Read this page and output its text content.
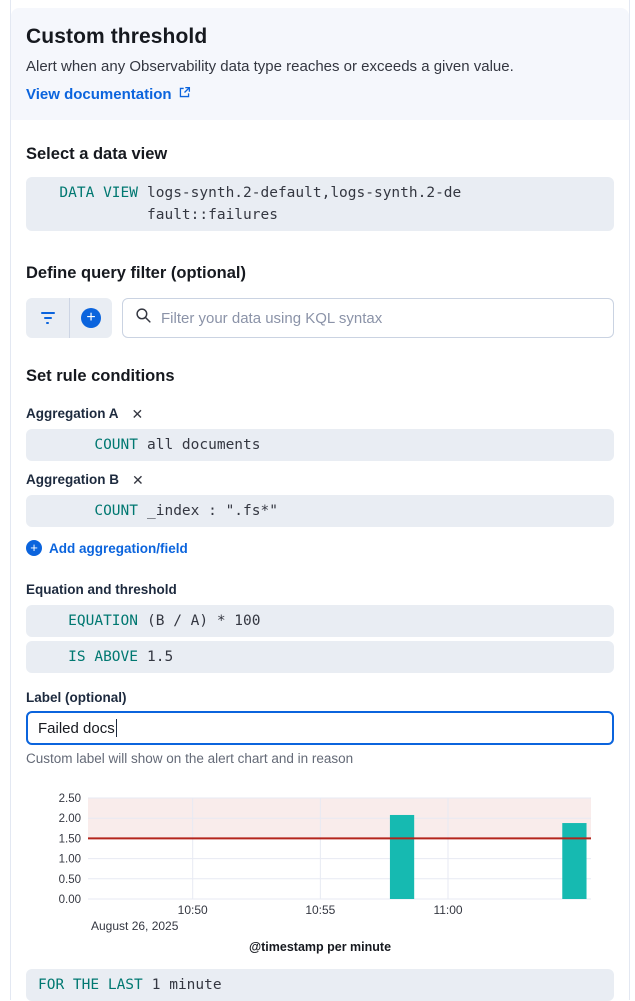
Custom threshold
Alert when any Observability data type reaches or exceeds a given value.
View documentation
Select a data view
DATA VIEW logs-synth.2-default,logs-synth.2-default::failures
Define query filter (optional)
+
Filter your data using KQL syntax
Set rule conditions
Aggregation A ✕
COUNT all documents
Aggregation B ✕
COUNT _index : ".fs*"
+ Add aggregation/field
Equation and threshold
EQUATION (B / A) * 100
IS ABOVE 1.5
Label (optional)
Failed docs
Custom label will show on the alert chart and in reason
0.00
0.50
1.00
1.50
2.00
2.50
10:50	10:55	11:00
August 26, 2025
@timestamp per minute
FOR THE LAST 1 minute
